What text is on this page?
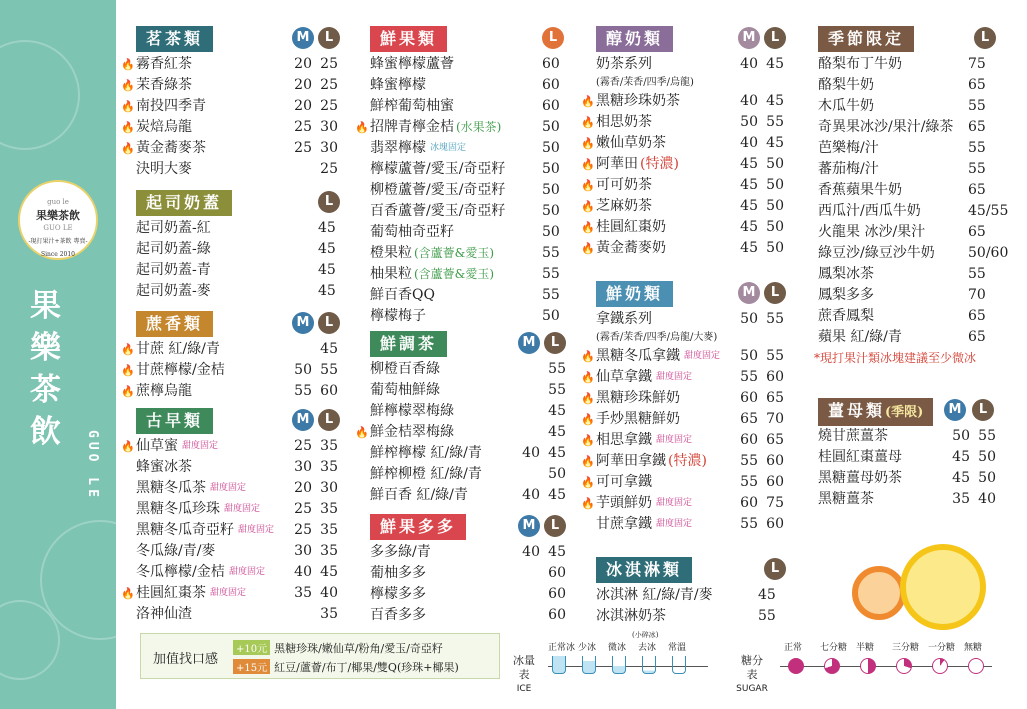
guo le
果樂茶飲
GUO LE
-現打果汁+茶飲 專賣-
Since 2010
果樂茶飲	GUO LE
茗茶類	M	L
🔥 霧香紅茶	20 25
🔥 茉香綠茶	20 25
🔥 南投四季青	20 25
🔥 炭焙烏龍	25 30
🔥 黃金蕎麥茶	25 30
決明大麥	25
起司奶蓋	L
起司奶蓋-紅	45
起司奶蓋-綠	45
起司奶蓋-青	45
起司奶蓋-麥	45
蔗香類	M	L
🔥 甘蔗 紅/綠/青	45
🔥 甘蔗檸檬/金桔	50 55
🔥 蔗檸烏龍	55 60
古早類	M	L
🔥 仙草蜜 甜度固定	25 35
蜂蜜冰茶	30 35
黑糖冬瓜茶 甜度固定	20 30
黑糖冬瓜珍珠 甜度固定	25 35
黑糖冬瓜奇亞籽 甜度固定	25 35
冬瓜綠/青/麥	30 35
冬瓜檸檬/金桔 甜度固定	40 45
🔥 桂圓紅棗茶 甜度固定	35 40
洛神仙渣	35
鮮果類	L
蜂蜜檸檬蘆薈	60
蜂蜜檸檬	60
鮮榨葡萄柚蜜	60
🔥 招牌青檸金桔 (水果茶)	50
翡翠檸檬 冰塊固定	50
檸檬蘆薈/愛玉/奇亞籽	50
柳橙蘆薈/愛玉/奇亞籽	50
百香蘆薈/愛玉/奇亞籽	50
葡萄柚奇亞籽	50
橙果粒 (含蘆薈&愛玉)	55
柚果粒 (含蘆薈&愛玉)	55
鮮百香QQ	55
檸檬梅子	50
鮮調茶	M	L
柳橙百香綠	55
葡萄柚鮮綠	55
鮮檸檬翠梅綠	45
🔥 鮮金桔翠梅綠	45
鮮榨檸檬 紅/綠/青	40 45
鮮榨柳橙 紅/綠/青	50
鮮百香 紅/綠/青	40 45
鮮果多多	M	L
多多綠/青	40 45
葡柚多多	60
檸檬多多	60
百香多多	60
醇奶類	M	L
奶茶系列	40 45
(霧香/茉香/四季/烏龍)
🔥 黑糖珍珠奶茶	40 45
🔥 相思奶茶	50 55
🔥 嫩仙草奶茶	40 45
🔥 阿華田 (特濃)	45 50
🔥 可可奶茶	45 50
🔥 芝麻奶茶	45 50
🔥 桂圓紅棗奶	45 50
🔥 黃金蕎麥奶	45 50
鮮奶類	M	L
拿鐵系列	50 55
(霧香/茉香/四季/烏龍/大麥)
🔥 黑糖冬瓜拿鐵 甜度固定	50 55
🔥 仙草拿鐵 甜度固定	55 60
🔥 黑糖珍珠鮮奶	60 65
🔥 手炒黑糖鮮奶	65 70
🔥 相思拿鐵 甜度固定	60 65
🔥 阿華田拿鐵 (特濃)	55 60
🔥 可可拿鐵	55 60
🔥 芋頭鮮奶 甜度固定	60 75
甘蔗拿鐵 甜度固定	55 60
冰淇淋類	L
冰淇淋 紅/綠/青/麥	45
冰淇淋奶茶	55
季節限定	L
酪梨布丁牛奶	75
酪梨牛奶	65
木瓜牛奶	55
奇異果冰沙/果汁/綠茶 65
芭樂梅/汁	55
蕃茄梅/汁	55
香蕉蘋果牛奶	65
西瓜汁/西瓜牛奶	45/55
火龍果 冰沙/果汁	65
綠豆沙/綠豆沙牛奶 50/60
鳳梨冰茶	55
鳳梨多多	70
蔗香鳳梨	65
蘋果 紅/綠/青	65
*現打果汁類冰塊建議至少微冰
薑母類(季限)	M	L
燒甘蔗薑茶	50 55
桂圓紅棗薑母	45 50
黑糖薑母奶茶	45 50
黑糖薑茶	35 40
加值找口感
+10元 黑糖珍珠/嫩仙草/粉角/愛玉/奇亞籽
+15元 紅豆/蘆薈/布丁/椰果/雙Q(珍珠+椰果)
冰量表
ICE
(小碎冰)
正常冰 少冰 微冰 去冰 常溫
糖分表
SUGAR
正常 七分糖 半糖 三分糖 一分糖 無糖
